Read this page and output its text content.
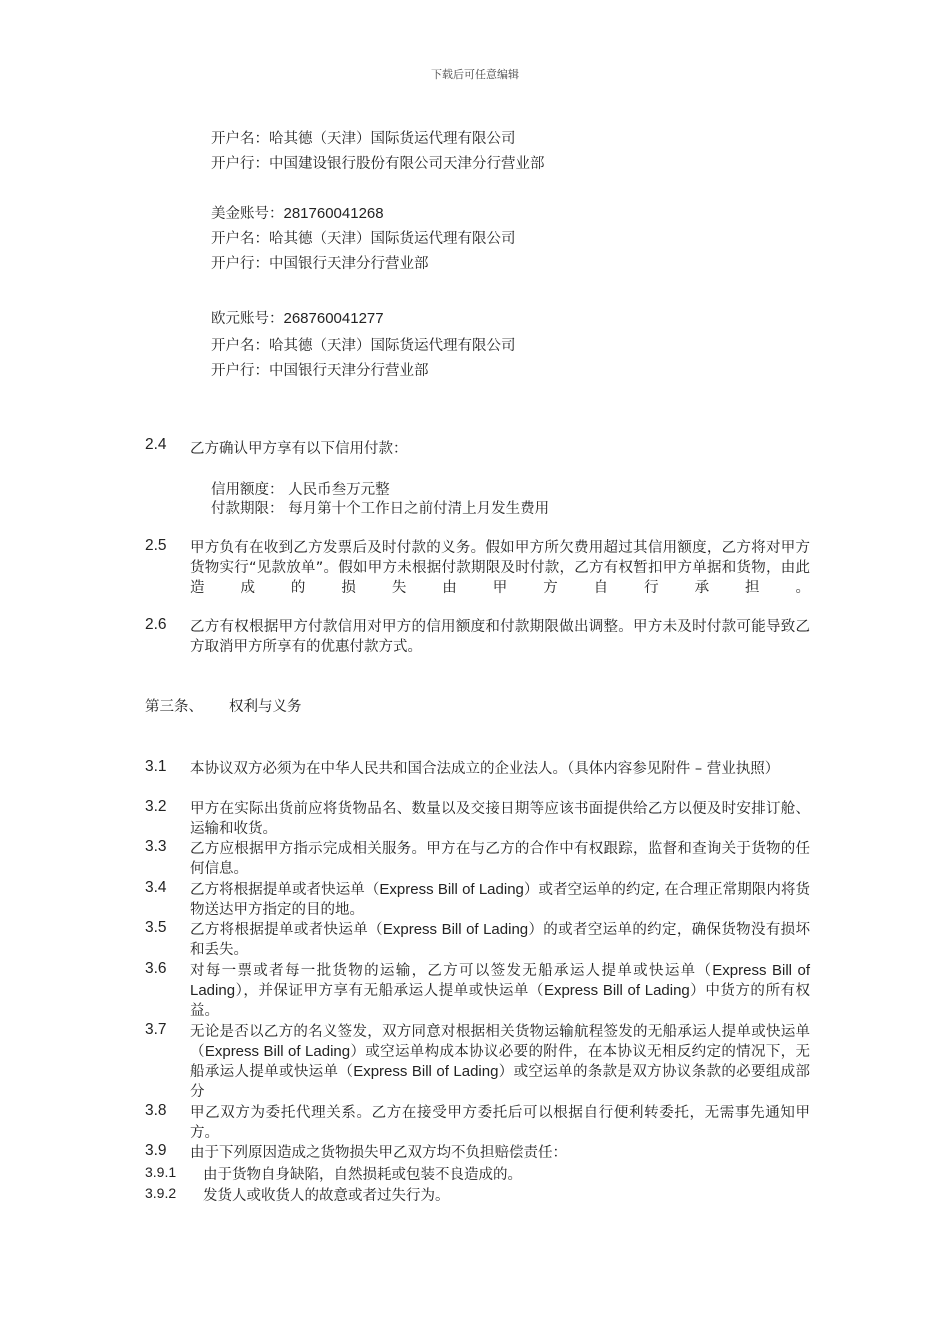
下载后可任意编辑
开户名：哈其德（天津）国际货运代理有限公司
开户行：中国建设银行股份有限公司天津分行营业部
美金账号：281760041268
开户名：哈其德（天津）国际货运代理有限公司
开户行：中国银行天津分行营业部
欧元账号：268760041277
开户名：哈其德（天津）国际货运代理有限公司
开户行：中国银行天津分行营业部
2.4 乙方确认甲方享有以下信用付款：
信用额度： 人民币叁万元整
付款期限： 每月第十个工作日之前付清上月发生费用
2.5 甲方负有在收到乙方发票后及时付款的义务。假如甲方所欠费用超过其信用额度，乙方将对甲方货物实行“见款放单”。假如甲方未根据付款期限及时付款，乙方有权暂扣甲方单据和货物，由此造成的损失由甲方自行承担。
2.6 乙方有权根据甲方付款信用对甲方的信用额度和付款期限做出调整。甲方未及时付款可能导致乙方取消甲方所享有的优惠付款方式。
第三条、 权利与义务
3.1 本协议双方必须为在中华人民共和国合法成立的企业法人。（具体内容参见附件 – 营业执照）
3.2 甲方在实际出货前应将货物品名、数量以及交接日期等应该书面提供给乙方以便及时安排订舱、运输和收货。
3.3 乙方应根据甲方指示完成相关服务。甲方在与乙方的合作中有权跟踪，监督和查询关于货物的任何信息。
3.4 乙方将根据提单或者快运单（Express Bill of Lading）或者空运单的约定, 在合理正常期限内将货物送达甲方指定的目的地。
3.5 乙方将根据提单或者快运单（Express Bill of Lading）的或者空运单的约定，确保货物没有损坏和丢失。
3.6 对每一票或者每一批货物的运输，乙方可以签发无船承运人提单或快运单（Express Bill of Lading），并保证甲方享有无船承运人提单或快运单（Express Bill of Lading）中货方的所有权益。
3.7 无论是否以乙方的名义签发，双方同意对根据相关货物运输航程签发的无船承运人提单或快运单（Express Bill of Lading）或空运单构成本协议必要的附件，在本协议无相反约定的情况下，无船承运人提单或快运单（Express Bill of Lading）或空运单的条款是双方协议条款的必要组成部分
3.8 甲乙双方为委托代理关系。乙方在接受甲方委托后可以根据自行便利转委托，无需事先通知甲方。
3.9 由于下列原因造成之货物损失甲乙双方均不负担赔偿责任：
3.9.1 由于货物自身缺陷，自然损耗或包装不良造成的。
3.9.2 发货人或收货人的故意或者过失行为。
